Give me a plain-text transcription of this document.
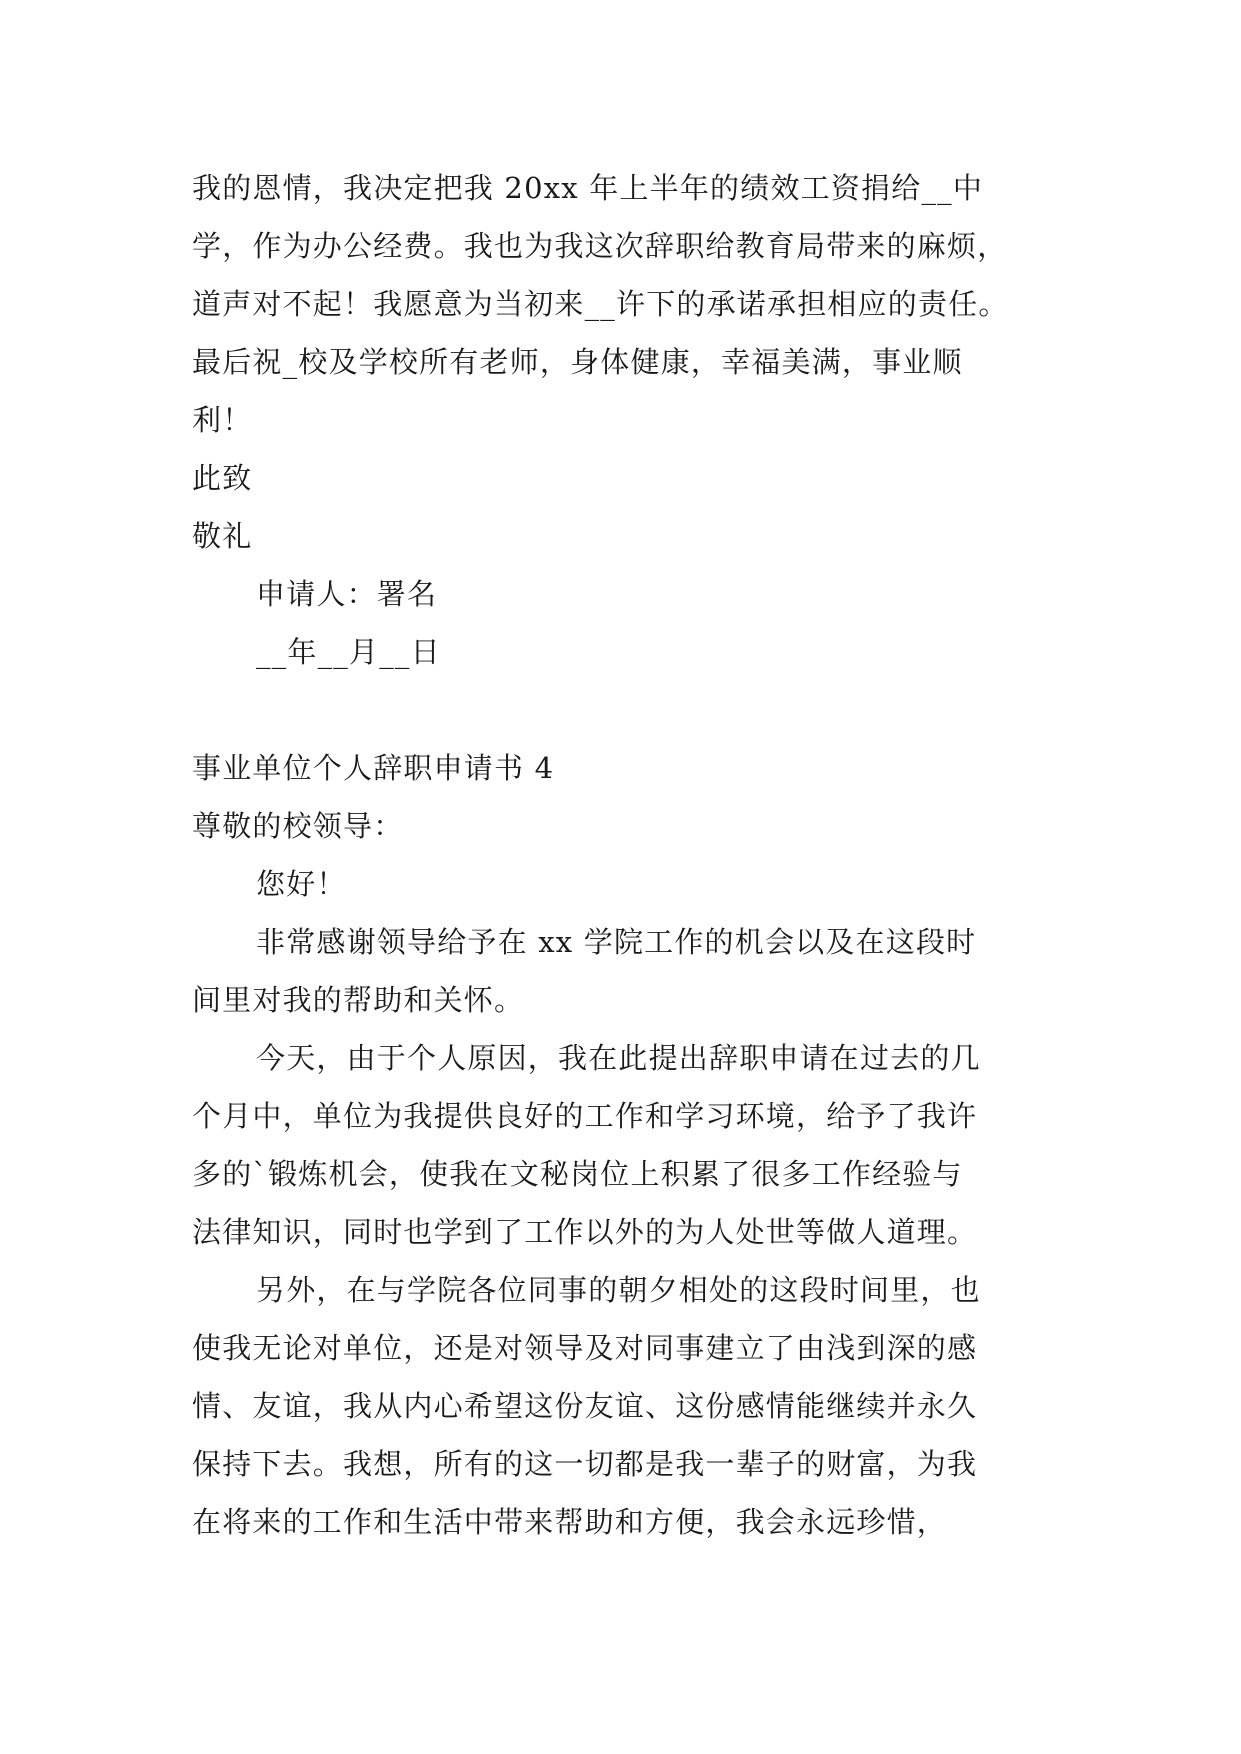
我的恩情，我决定把我 20xx 年上半年的绩效工资捐给__中
学，作为办公经费。我也为我这次辞职给教育局带来的麻烦，
道声对不起！我愿意为当初来__许下的承诺承担相应的责任。
最后祝_校及学校所有老师，身体健康，幸福美满，事业顺
利！
此致
敬礼
申请人：署名
__年__月__日
事业单位个人辞职申请书 4
尊敬的校领导：
您好！
非常感谢领导给予在 xx 学院工作的机会以及在这段时
间里对我的帮助和关怀。
今天，由于个人原因，我在此提出辞职申请在过去的几
个月中，单位为我提供良好的工作和学习环境，给予了我许
多的`锻炼机会，使我在文秘岗位上积累了很多工作经验与
法律知识，同时也学到了工作以外的为人处世等做人道理。
另外，在与学院各位同事的朝夕相处的这段时间里，也
使我无论对单位，还是对领导及对同事建立了由浅到深的感
情、友谊，我从内心希望这份友谊、这份感情能继续并永久
保持下去。我想，所有的这一切都是我一辈子的财富，为我
在将来的工作和生活中带来帮助和方便，我会永远珍惜，
